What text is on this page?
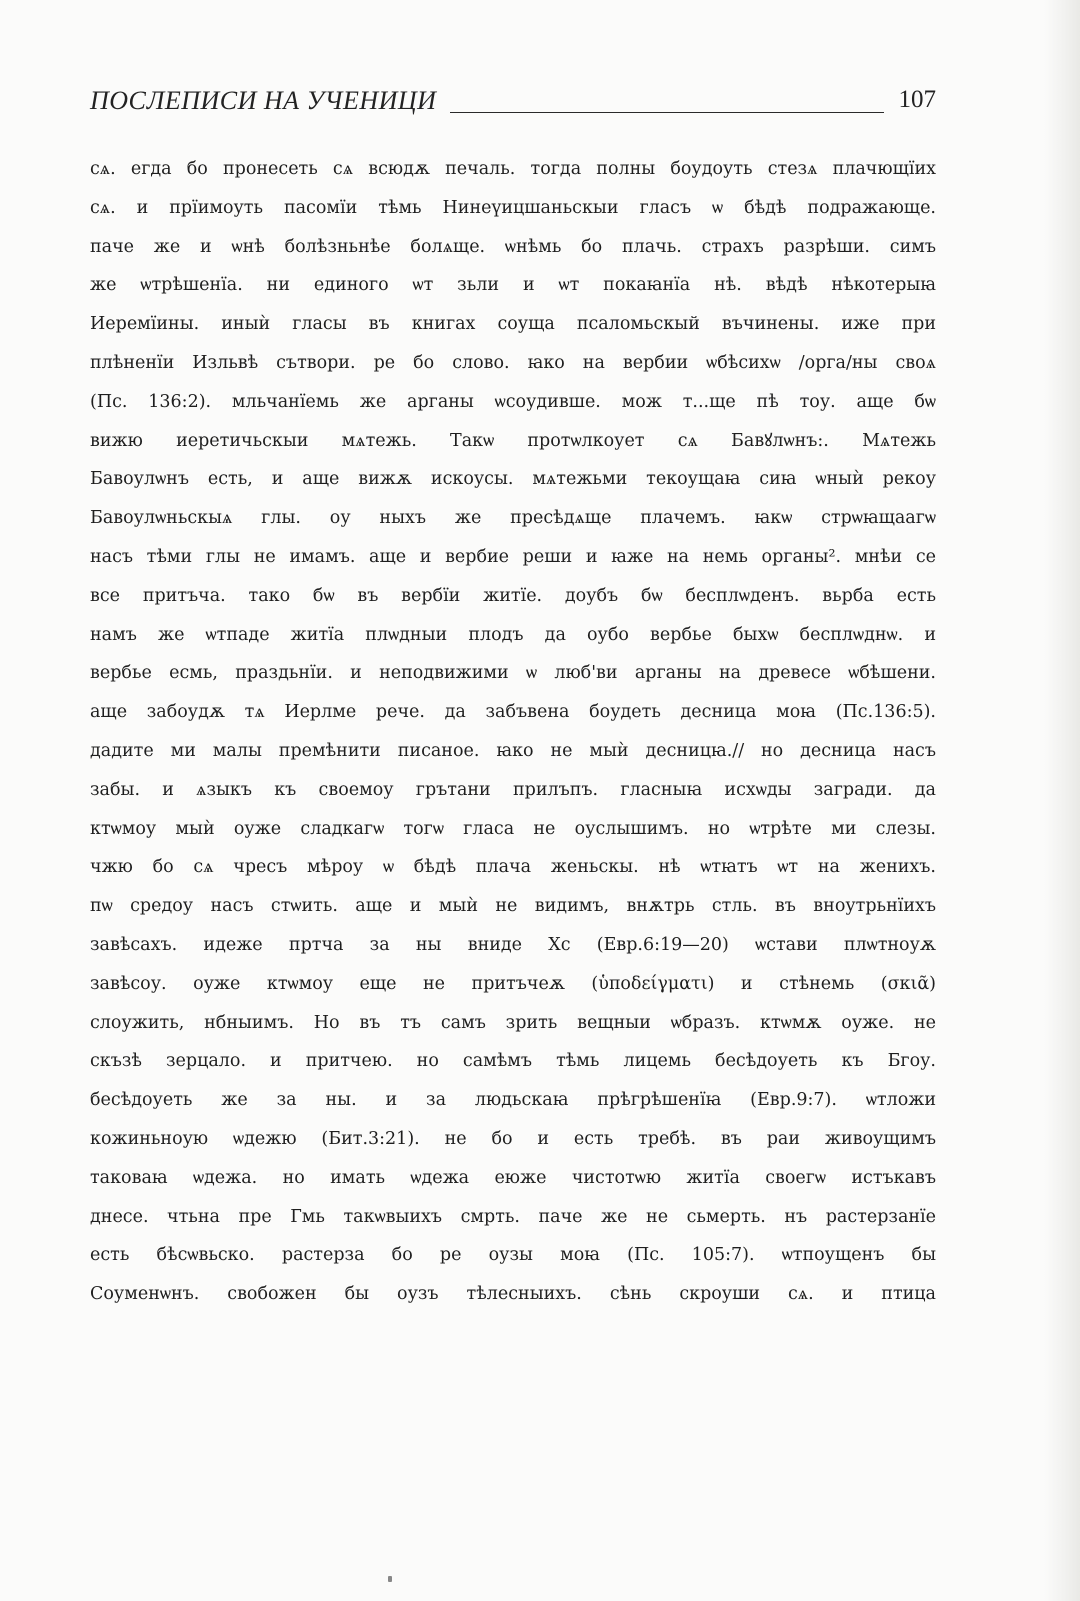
ПОСЛЕПИСИ НА УЧЕНИЦИ	107
сѧ. егда бо пронесеть сѧ всюдѫ печаль. тогда полны боудоуть стезѧ плачющїих
сѧ. и прїимоуть пасомїи тѣмь Нинеүицшаньскыи гласъ ѡ бѣдѣ подражающе.
паче же и ѡнѣ болѣзньнѣе болѧще. ѡнѣмь бо плачь. страхъ разрѣши. симъ
же ѡтрѣшенїа. ни единого ѡт зьли и ѡт покаꙗнїа нѣ. вѣдѣ нѣкотерыꙗ
Иеремїины. иныѝ гласы въ книгах соуща псаломьскый въчинены. иже при
плѣненїи Изльвѣ сътвори. ре бо слово. ꙗко на вербии ѡбѣсихѡ /орга/ны своѧ
(Пс. 136:2). мльчанїемь же арганы ѡсоудивше. мож т...ще пѣ тоу. аще бѡ
вижю иеретичьскыи мѧтежь. Такѡ протѡлкоует сѧ Бавꙋлѡнъ:. Мѧтежь
Бавоулѡнъ есть, и аще вижѫ искоусы. мѧтежьми текоущаꙗ сиꙗ ѡныѝ рекоу
Бавоулѡньскыѧ глы. оу ныхъ же пресѣдѧще плачемъ. ꙗкѡ стрѡꙗщаагѡ
насъ тѣми глы не имамъ. аще и вербие реши и ꙗже на немь органы². мнѣи се
все притъча. тако бѡ въ вербїи житїе. доубъ бѡ бесплѡденъ. вьрба есть
намъ же ѡтпаде житїа плѡдныи плодъ да оубо вербье быхѡ бесплѡднѡ. и
вербье есмь, праздьнїи. и неподвижими ѡ люб'ви арганы на древесе ѡбѣшени.
аще забоудѫ тѧ Иерлме рече. да забъвена боудеть десница моꙗ (Пс.136:5).
дадите ми малы премѣнити писаное. ꙗко не мыѝ десницꙗ.// но десница насъ
забы. и ѧзыкъ къ своемоу грътани прилъпъ. гласныꙗ исхѡды загради. да
ктѡмоу мыѝ оуже сладкагѡ тогѡ гласа не оуслышимъ. но ѡтрѣте ми слезы.
чжю бо сѧ чресъ мѣроу ѡ бѣдѣ плача женьскы. нѣ ѡтꙗтъ ѡт на женихъ.
пѡ средоу насъ стѡить. аще и мыѝ не видимъ, внѫтрь стль. въ вноутрьнїихъ
завѣсахъ. идеже пртча за ны вниде Хс (Евр.6:19—20) ѡстави плѡтноуѫ
завѣсоу. оуже ктѡмоу еще не притъчеѫ (ὑποδείγματι) и стѣнемь (σκιᾶ)
слоужить, нбныимъ. Но въ тъ самъ зрить вещныи ѡбразъ. ктѡмѫ оуже. не
скъзѣ зерцало. и притчею. но самѣмъ тѣмь лицемь бесѣдоуеть къ Бгоу.
бесѣдоуеть же за ны. и за людьскаꙗ прѣгрѣшенїꙗ (Евр.9:7). ѡтложи
кожиньноую ѡдежю (Бит.3:21). не бо и есть требѣ. въ раи живоущимъ
таковаꙗ ѡдежа. но имать ѡдежа еюже чистотѡю житїа своегѡ истъкавъ
днесе. чтьна пре Гмь такѡвыихъ смрть. паче же не сьмерть. нъ растерзанїе
есть бѣсѡвьско. растерза бо ре оузы моꙗ (Пс. 105:7). ѡтпоущенъ бы
Соуменѡнъ. свобожен бы оузъ тѣлесныихъ. сѣнь скроуши сѧ. и птица
